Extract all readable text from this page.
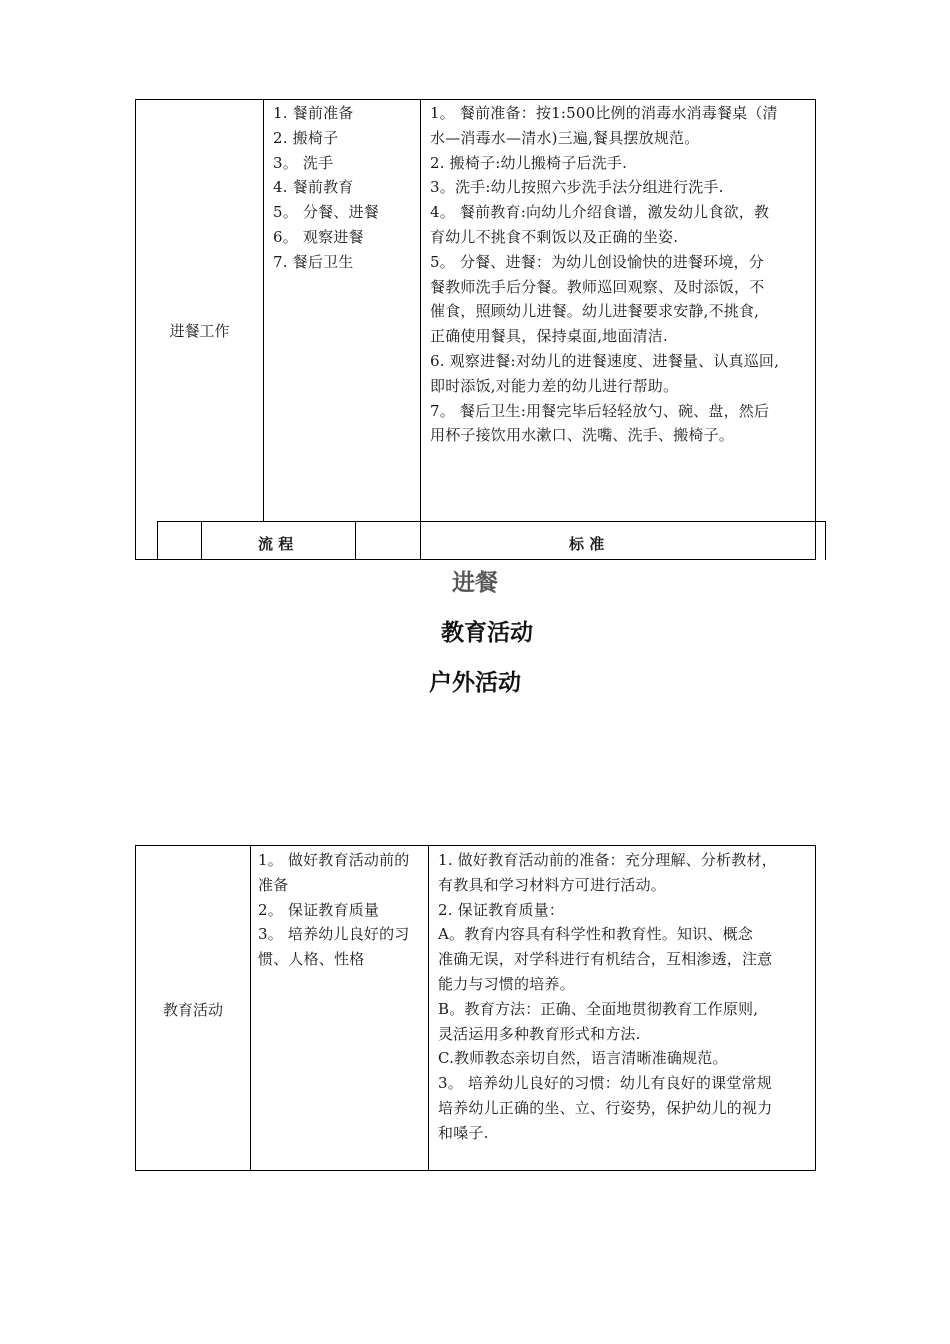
进餐工作
1. 餐前准备
2. 搬椅子
3。 洗手
4. 餐前教育
5。 分餐、进餐
6。 观察进餐
7. 餐后卫生
1。 餐前准备：按1:500比例的消毒水消毒餐桌（清
水—消毒水—清水)三遍,餐具摆放规范。
2. 搬椅子:幼儿搬椅子后洗手.
3。洗手:幼儿按照六步洗手法分组进行洗手.
4。 餐前教育:向幼儿介绍食谱，激发幼儿食欲，教
育幼儿不挑食不剩饭以及正确的坐姿.
5。 分餐、进餐：为幼儿创设愉快的进餐环境，分
餐教师洗手后分餐。教师巡回观察、及时添饭，不
催食，照顾幼儿进餐。幼儿进餐要求安静,不挑食,
正确使用餐具，保持桌面,地面清洁.
6. 观察进餐:对幼儿的进餐速度、进餐量、认真巡回,
即时添饭,对能力差的幼儿进行帮助。
7。 餐后卫生:用餐完毕后轻轻放勺、碗、盘，然后
用杯子接饮用水漱口、洗嘴、洗手、搬椅子。
流 程	标 准
进餐
教育活动
户外活动
教育活动
1。 做好教育活动前的
准备
2。 保证教育质量
3。 培养幼儿良好的习
惯、人格、性格
1. 做好教育活动前的准备：充分理解、分析教材，
有教具和学习材料方可进行活动。
2. 保证教育质量：
A。教育内容具有科学性和教育性。知识、概念
准确无误，对学科进行有机结合，互相渗透，注意
能力与习惯的培养。
B。教育方法：正确、全面地贯彻教育工作原则,
灵活运用多种教育形式和方法.
C.教师教态亲切自然，语言清晰准确规范。
3。 培养幼儿良好的习惯：幼儿有良好的课堂常规
培养幼儿正确的坐、立、行姿势，保护幼儿的视力
和嗓子.
